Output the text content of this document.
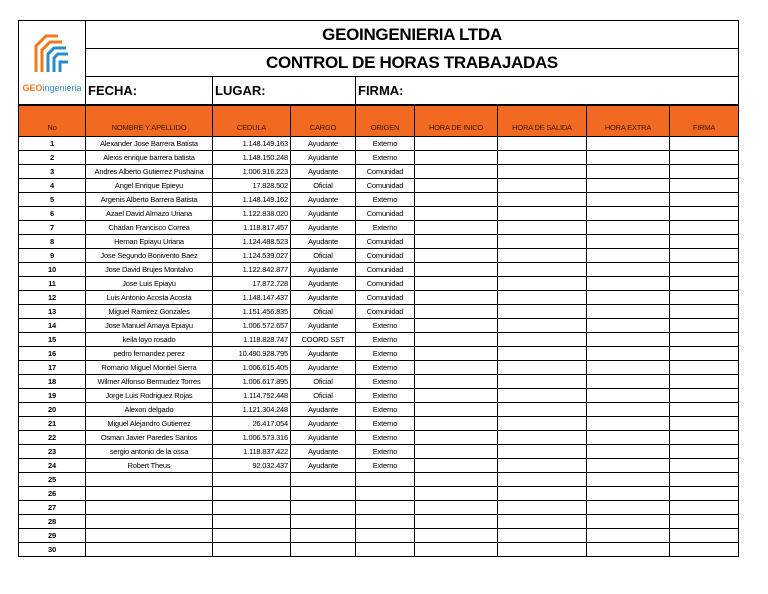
GEOingenieria	GEOINGENIERIA LTDA		
	CONTROL DE HORAS TRABAJADAS		
	FECHA:	LUGAR:	FIRMA:
No	NOMBRE Y APELLIDO	CEDULA	CARGO	ORIGEN	HORA DE INICO	HORA DE SALIDA	HORA EXTRA	FIRMA
1	Alexander Jose Barrera Batista	1.148.149.163	Ayudante	Externo				
2	Alexis enrique barrera batista	1.148.150.248	Ayudante	Externo				
3	Andres Alberto Gutierrez Pushaina	1.006.916.223	Ayudante	Comunidad				
4	Angel Enrique Epieyu	17.828.502	Oficial	Comunidad				
5	Argenis Alberto Barrera Batista	1.148.149.162	Ayudante	Externo				
6	Azael David Almazo Uriana	1.122.838.020	Ayudante	Comunidad				
7	Chadan Francisco Correa	1.118.817.457	Ayudante	Externo				
8	Hernan Epiayu Uriana	1.124.488.523	Ayudante	Comunidad				
9	Jose Segundo Bonivento Baez	1.124.539.027	Oficial	Comunidad				
10	Jose David Brujes Montalvo	1.122.842.877	Ayudante	Comunidad				
11	Jose Luis Epiayu	17.872.728	Ayudante	Comunidad				
12	Luis Antonio Acosta Acosta	1.148.147.437	Ayudante	Comunidad				
13	Miguel Ramirez Gonzales	1.151.456.835	Oficial	Comunidad				
14	Jose Manuel Amaya Epiayu	1.006.572.657	Ayudante	Externo				
15	keila loyo rosado	1.118.828.747	COORD SST	Externo				
16	pedro fernandez perez	10.490.928.795	Ayudante	Externo				
17	Romario Miguel Montiel Sierra	1.006.615.405	Ayudante	Externo				
18	Wilmer Alfonso Bermudez Torres	1.006.617.895	Oficial	Externo				
19	Jorge Luis Rodriguez Rojas	1.114.752.448	Oficial	Externo				
20	Alexon delgado	1.121.304.248	Ayudante	Externo				
21	Miguel Alejandro Gutierrez	26.417.054	Ayudante	Externo				
22	Osman Javier Paredes Santos	1.006.573.316	Ayudante	Externo				
23	sergio antonio de la ossa	1.118.837.422	Ayudante	Externo				
24	Robert Theus	92.032.437	Ayudante	Externo				
25								
26								
27								
28								
29								
30								
